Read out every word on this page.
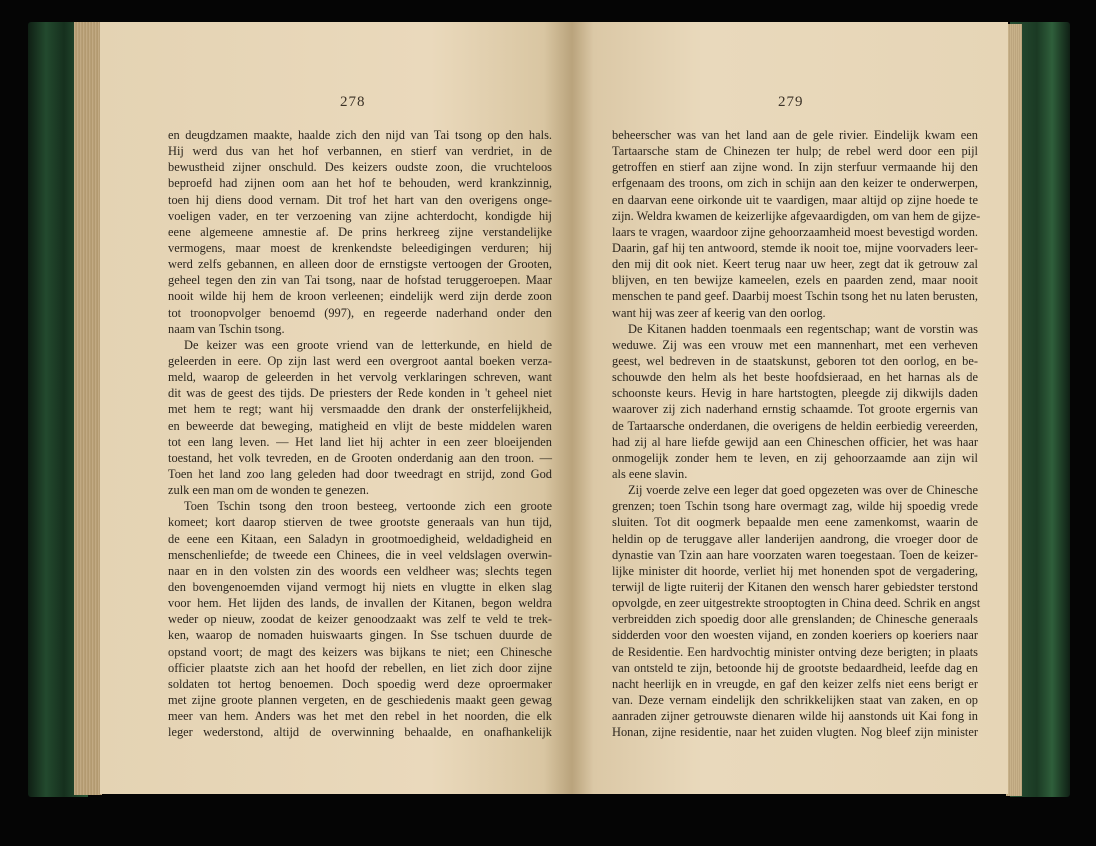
278
en deugdzamen maakte, haalde zich den nijd van Tai tsong op den hals.
Hij werd dus van het hof verbannen, en stierf van verdriet, in de
bewustheid zijner onschuld. Des keizers oudste zoon, die vruchteloos
beproefd had zijnen oom aan het hof te behouden, werd krankzinnig,
toen hij diens dood vernam. Dit trof het hart van den overigens onge-
voeligen vader, en ter verzoening van zijne achterdocht, kondigde hij
eene algemeene amnestie af. De prins herkreeg zijne verstandelijke
vermogens, maar moest de krenkendste beleedigingen verduren; hij
werd zelfs gebannen, en alleen door de ernstigste vertoogen der Grooten,
geheel tegen den zin van Tai tsong, naar de hofstad teruggeroepen. Maar
nooit wilde hij hem de kroon verleenen; eindelijk werd zijn derde zoon
tot troonopvolger benoemd (997), en regeerde naderhand onder den
naam van Tschin tsong.
De keizer was een groote vriend van de letterkunde, en hield de
geleerden in eere. Op zijn last werd een overgroot aantal boeken verza-
meld, waarop de geleerden in het vervolg verklaringen schreven, want
dit was de geest des tijds. De priesters der Rede konden in 't geheel niet
met hem te regt; want hij versmaadde den drank der onsterfelijkheid,
en beweerde dat beweging, matigheid en vlijt de beste middelen waren
tot een lang leven. — Het land liet hij achter in een zeer bloeijenden
toestand, het volk tevreden, en de Grooten onderdanig aan den troon. —
Toen het land zoo lang geleden had door tweedragt en strijd, zond God
zulk een man om de wonden te genezen.
Toen Tschin tsong den troon besteeg, vertoonde zich een groote
komeet; kort daarop stierven de twee grootste generaals van hun tijd,
de eene een Kitaan, een Saladyn in grootmoedigheid, weldadigheid en
menschenliefde; de tweede een Chinees, die in veel veldslagen overwin-
naar en in den volsten zin des woords een veldheer was; slechts tegen
den bovengenoemden vijand vermogt hij niets en vlugtte in elken slag
voor hem. Het lijden des lands, de invallen der Kitanen, begon weldra
weder op nieuw, zoodat de keizer genoodzaakt was zelf te veld te trek-
ken, waarop de nomaden huiswaarts gingen. In Sse tschuen duurde de
opstand voort; de magt des keizers was bijkans te niet; een Chinesche
officier plaatste zich aan het hoofd der rebellen, en liet zich door zijne
soldaten tot hertog benoemen. Doch spoedig werd deze oproermaker
met zijne groote plannen vergeten, en de geschiedenis maakt geen gewag
meer van hem. Anders was het met den rebel in het noorden, die elk
leger wederstond, altijd de overwinning behaalde, en onafhankelijk
279
beheerscher was van het land aan de gele rivier. Eindelijk kwam een
Tartaarsche stam de Chinezen ter hulp; de rebel werd door een pijl
getroffen en stierf aan zijne wond. In zijn sterfuur vermaande hij den
erfgenaam des troons, om zich in schijn aan den keizer te onderwerpen,
en daarvan eene oirkonde uit te vaardigen, maar altijd op zijne hoede te
zijn. Weldra kwamen de keizerlijke afgevaardigden, om van hem de gijze-
laars te vragen, waardoor zijne gehoorzaamheid moest bevestigd worden.
Daarin, gaf hij ten antwoord, stemde ik nooit toe, mijne voorvaders leer-
den mij dit ook niet. Keert terug naar uw heer, zegt dat ik getrouw zal
blijven, en ten bewijze kameelen, ezels en paarden zend, maar nooit
menschen te pand geef. Daarbij moest Tschin tsong het nu laten berusten,
want hij was zeer af keerig van den oorlog.
De Kitanen hadden toenmaals een regentschap; want de vorstin was
weduwe. Zij was een vrouw met een mannenhart, met een verheven
geest, wel bedreven in de staatskunst, geboren tot den oorlog, en be-
schouwde den helm als het beste hoofdsieraad, en het harnas als de
schoonste keurs. Hevig in hare hartstogten, pleegde zij dikwijls daden
waarover zij zich naderhand ernstig schaamde. Tot groote ergernis van
de Tartaarsche onderdanen, die overigens de heldin eerbiedig vereerden,
had zij al hare liefde gewijd aan een Chineschen officier, het was haar
onmogelijk zonder hem te leven, en zij gehoorzaamde aan zijn wil
als eene slavin.
Zij voerde zelve een leger dat goed opgezeten was over de Chinesche
grenzen; toen Tschin tsong hare overmagt zag, wilde hij spoedig vrede
sluiten. Tot dit oogmerk bepaalde men eene zamenkomst, waarin de
heldin op de teruggave aller landerijen aandrong, die vroeger door de
dynastie van Tzin aan hare voorzaten waren toegestaan. Toen de keizer-
lijke minister dit hoorde, verliet hij met honenden spot de vergadering,
terwijl de ligte ruiterij der Kitanen den wensch harer gebiedster terstond
opvolgde, en zeer uitgestrekte strooptogten in China deed. Schrik en angst
verbreidden zich spoedig door alle grenslanden; de Chinesche generaals
sidderden voor den woesten vijand, en zonden koeriers op koeriers naar
de Residentie. Een hardvochtig minister ontving deze berigten; in plaats
van ontsteld te zijn, betoonde hij de grootste bedaardheid, leefde dag en
nacht heerlijk en in vreugde, en gaf den keizer zelfs niet eens berigt er
van. Deze vernam eindelijk den schrikkelijken staat van zaken, en op
aanraden zijner getrouwste dienaren wilde hij aanstonds uit Kai fong in
Honan, zijne residentie, naar het zuiden vlugten. Nog bleef zijn minister
